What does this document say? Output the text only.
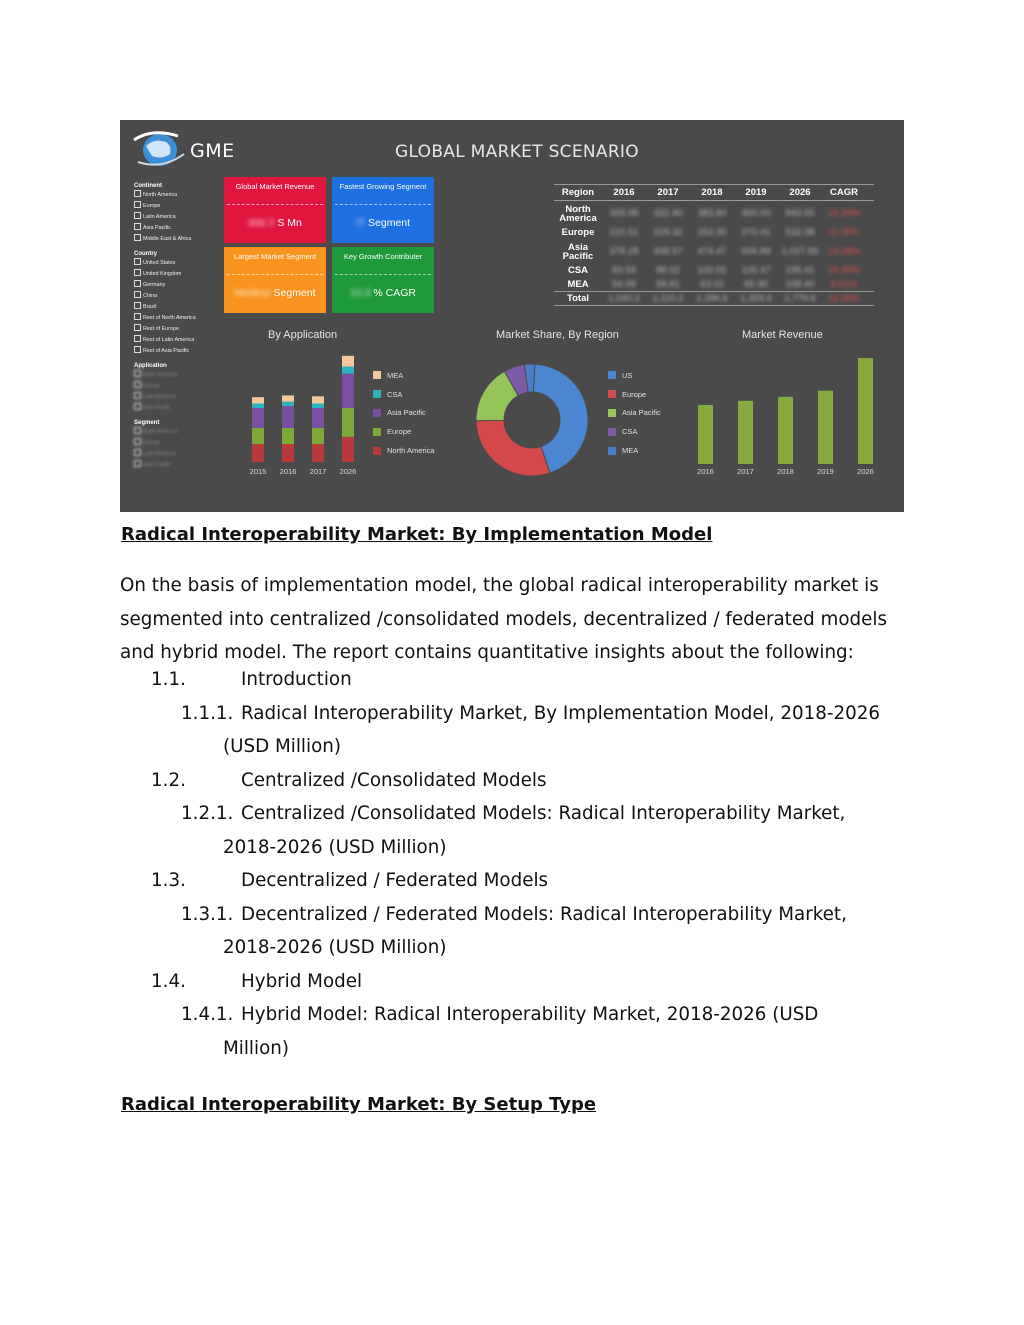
GME	GLOBAL MARKET SCENARIO
Continent
North America
Europe
Latin America
Asia Pacific
Middle East & Africa
Country
United States
United Kingdom
Germany
China
Brazil
Rest of North America
Rest of Europe
Rest of Latin America
Rest of Asia Pacific
Application
North America
Europe
Latin America
Asia Pacific
Segment
North America
Europe
Latin America
Asia Pacific
Global Market Revenue
996.2 S Mn
Fastest Growing Segment
IT Segment
Largest Market Segment
Medical Segment
Key Growth Contributer
10.3 % CAGR
Region	2016	2017	2018	2019	2026	CAGR
North America	309.95	332.40	383.80	400.00	843.55	12.34%
Europe	210.51	229.32	253.30	270.41	532.08	11.08%
Asia Pacific	378.28	408.57	474.47	506.89	1,027.55 13.08%
CSA	83.59	88.02	100.55	105.47	195.41	10.39%
MEA	54.09	58.81	63.02	65.90	108.40	8.41%
Total	1,040.2	1,110.2	1,286.6	1,359.4	2,779.6	12.06%
By Application	Market Share, By Region	Market Revenue
2015 2016 2017 2026
MEA
CSA
Asia Pacific
Europe
North America
US
Europe
Asia Pacific
CSA
MEA
2016	2017	2018	2019	2026
Radical Interoperability Market: By Implementation Model

On the basis of implementation model, the global radical interoperability market is segmented into centralized /consolidated models, decentralized / federated models and hybrid model. The report contains quantitative insights about the following:

1.1.	Introduction
1.1.1. Radical Interoperability Market, By Implementation Model, 2018-2026
(USD Million)
1.2.	Centralized /Consolidated Models
1.2.1. Centralized /Consolidated Models: Radical Interoperability Market,
2018-2026 (USD Million)
1.3.	Decentralized / Federated Models
1.3.1. Decentralized / Federated Models: Radical Interoperability Market,
2018-2026 (USD Million)
1.4.	Hybrid Model
1.4.1. Hybrid Model: Radical Interoperability Market, 2018-2026 (USD
Million)
Radical Interoperability Market: By Setup Type
